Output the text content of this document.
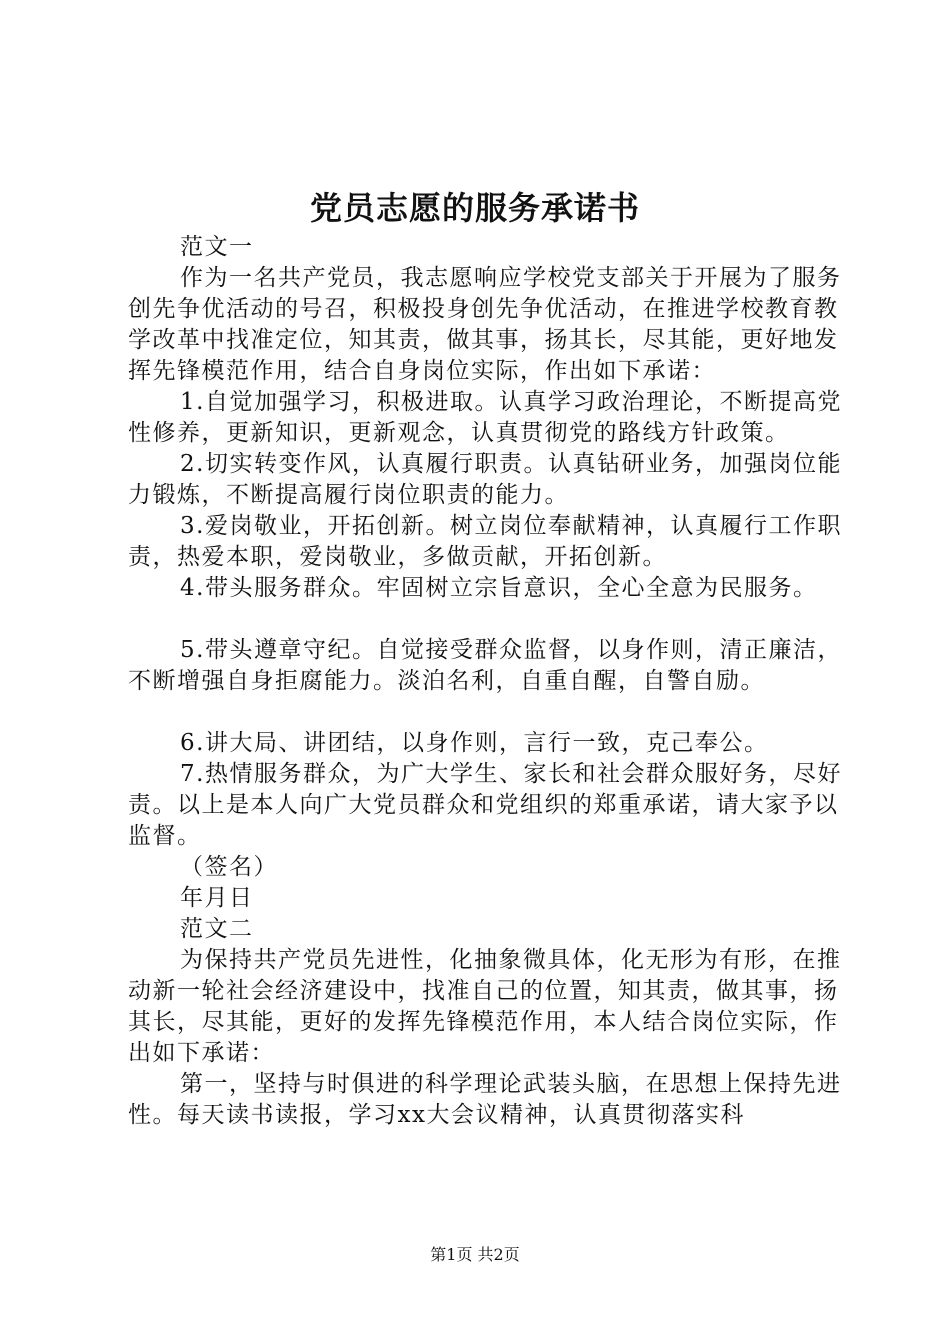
党员志愿的服务承诺书

范文一

作为一名共产党员，我志愿响应学校党支部关于开展为了服务创先争优活动的号召，积极投身创先争优活动，在推进学校教育教学改革中找准定位，知其责，做其事，扬其长，尽其能，更好地发挥先锋模范作用，结合自身岗位实际，作出如下承诺：

1.自觉加强学习，积极进取。认真学习政治理论，不断提高党性修养，更新知识，更新观念，认真贯彻党的路线方针政策。

2.切实转变作风，认真履行职责。认真钻研业务，加强岗位能力锻炼，不断提高履行岗位职责的能力。

3.爱岗敬业，开拓创新。树立岗位奉献精神，认真履行工作职责，热爱本职，爱岗敬业，多做贡献，开拓创新。

4.带头服务群众。牢固树立宗旨意识，全心全意为民服务。

5.带头遵章守纪。自觉接受群众监督，以身作则，清正廉洁，不断增强自身拒腐能力。淡泊名利，自重自醒，自警自励。

6.讲大局、讲团结，以身作则，言行一致，克己奉公。

7.热情服务群众，为广大学生、家长和社会群众服好务，尽好责。以上是本人向广大党员群众和党组织的郑重承诺，请大家予以监督。

（签名）

年月日

范文二

为保持共产党员先进性，化抽象微具体，化无形为有形，在推动新一轮社会经济建设中，找准自己的位置，知其责，做其事，扬其长，尽其能，更好的发挥先锋模范作用，本人结合岗位实际，作出如下承诺：

第一，坚持与时俱进的科学理论武装头脑，在思想上保持先进性。每天读书读报，学习xx大会议精神，认真贯彻落实科

第1页 共2页
